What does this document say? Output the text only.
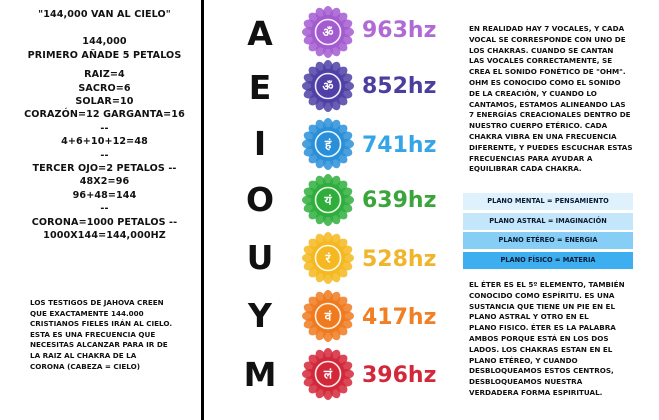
"144,000 VAN AL CIELO"
144,000
PRIMERO AÑADE 5 PETALOS
RAIZ=4
SACRO=6
SOLAR=10
CORAZÓN=12 GARGANTA=16
--
4+6+10+12=48
--
TERCER OJO=2 PETALOS --
48X2=96
96+48=144
--
CORONA=1000 PETALOS --
1000X144=144,000HZ
LOS TESTIGOS DE JAHOVA CREEN
QUE EXACTAMENTE 144.000
CRISTIANOS FIELES IRÁN AL CIELO.
ESTA ES UNA FRECUENCIA QUE
NECESITAS ALCANZAR PARA IR DE
LA RAIZ AL CHAKRA DE LA
CORONA (CABEZA = CIELO)
A
E
I
O
U
Y
M
ॐ
ॐ
हं
यं
रं
वं
लं
963hz
852hz
741hz
639hz
528hz
417hz
396hz
EN REALIDAD HAY 7 VOCALES, Y CADA
VOCAL SE CORRESPONDE CON UNO DE
LOS CHAKRAS. CUANDO SE CANTAN
LAS VOCALES CORRECTAMENTE, SE
CREA EL SONIDO FONÉTICO DE "OHM".
OHM ES CONOCIDO COMO EL SONIDO
DE LA CREACIÓN, Y CUANDO LO
CANTAMOS, ESTAMOS ALINEANDO LAS
7 ENERGÍAS CREACIONALES DENTRO DE
NUESTRO CUERPO ETÉRICO. CADA
CHAKRA VIBRA EN UNA FRECUENCIA
DIFERENTE, Y PUEDES ESCUCHAR ESTAS
FRECUENCIAS PARA AYUDAR A
EQUILIBRAR CADA CHAKRA.
PLANO MENTAL = PENSAMIENTO
PLANO ASTRAL = IMAGINACIÓN
PLANO ETÉREO = ENERGIA
PLANO FÍSICO = MATERIA
EL ÉTER ES EL 5º ELEMENTO, TAMBIÉN
CONOCIDO COMO ESPÍRITU. ES UNA
SUSTANCIA QUE TIENE UN PIE EN EL
PLANO ASTRAL Y OTRO EN EL
PLANO FISICO. ÉTER ES LA PALABRA
AMBOS PORQUE ESTÁ EN LOS DOS
LADOS. LOS CHAKRAS ESTAN EN EL
PLANO ETÉREO, Y CUANDO
DESBLOQUEAMOS ESTOS CENTROS,
DESBLOQUEAMOS NUESTRA
VERDADERA FORMA ESPIRITUAL.
